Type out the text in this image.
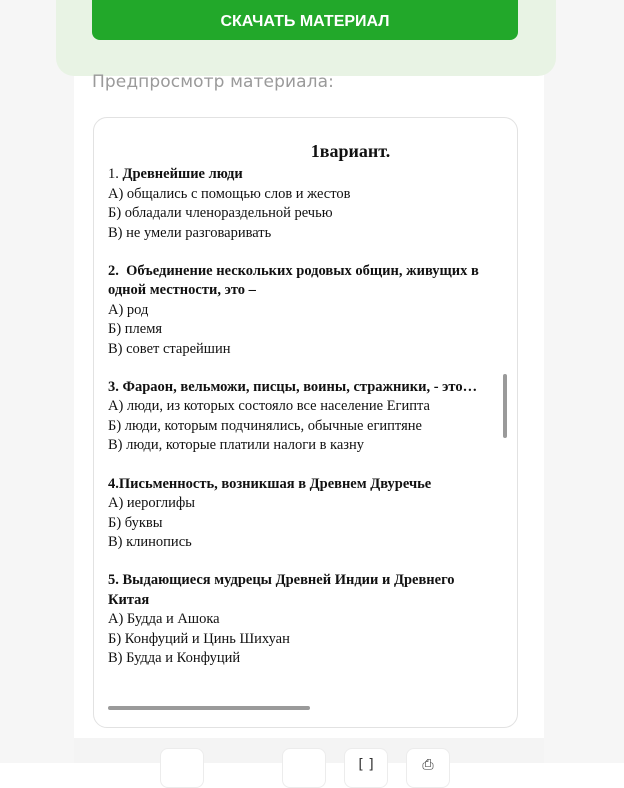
СКАЧАТЬ МАТЕРИАЛ
Предпросмотр материала:
1вариант.
1. Древнейшие люди
А) общались с помощью слов и жестов
Б) обладали членораздельной речью
В) не умели разговаривать
2. Объединение нескольких родовых общин, живущих в одной местности, это –
А) род
Б) племя
В) совет старейшин
3. Фараон, вельможи, писцы, воины, стражники, - это…
А) люди, из которых состояло все население Египта
Б) люди, которым подчинялись, обычные египтяне
В) люди, которые платили налоги в казну
4.Письменность, возникшая в Древнем Двуречье
А) иероглифы
Б) буквы
В) клинопись
5. Выдающиеся мудрецы Древней Индии и Древнего Китая
А) Будда и Ашока
Б) Конфуций и Цинь Шихуан
В) Будда и Конфуций
[ ]	⎙
